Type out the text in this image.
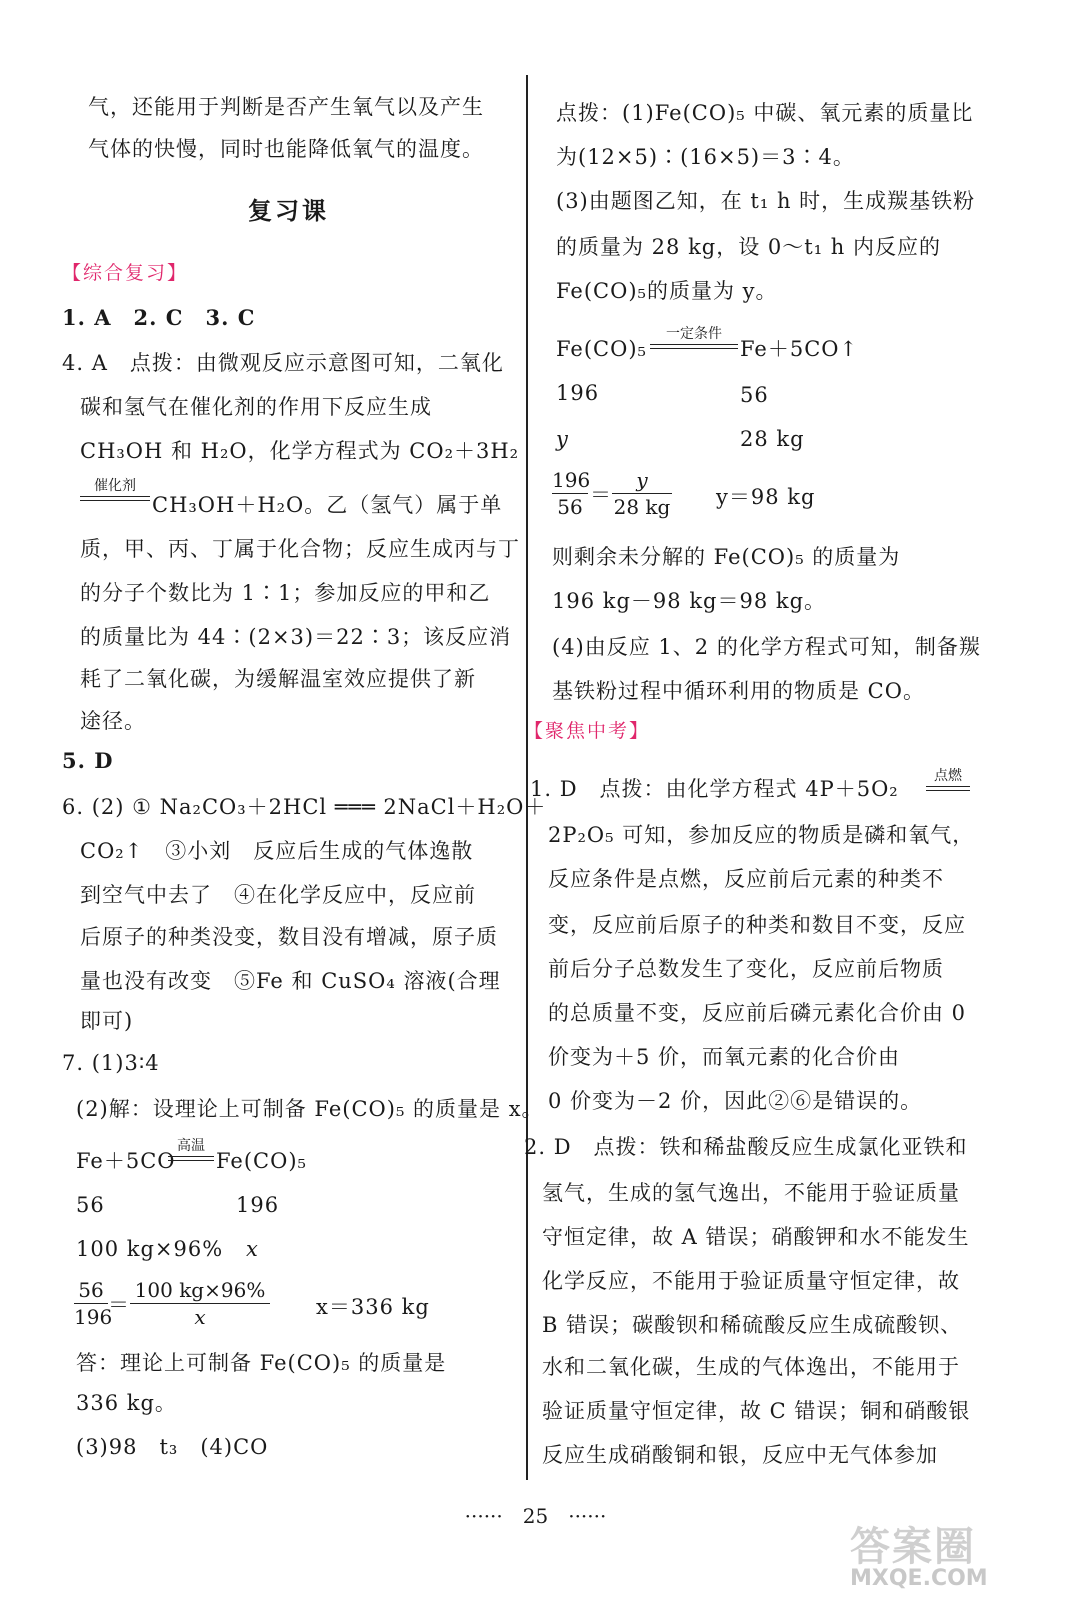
气，还能用于判断是否产生氧气以及产生
气体的快慢，同时也能降低氧气的温度。
复习课
【综合复习】
1. A　2. C　3. C
4. A　点拨：由微观反应示意图可知，二氧化
碳和氢气在催化剂的作用下反应生成
CH₃OH 和 H₂O，化学方程式为 CO₂＋3H₂
催化剂
CH₃OH＋H₂O。乙（氢气）属于单
质，甲、丙、丁属于化合物；反应生成丙与丁
的分子个数比为 1∶1；参加反应的甲和乙
的质量比为 44∶(2×3)＝22∶3；该反应消
耗了二氧化碳，为缓解温室效应提供了新
途径。
5. D
6. (2) ① Na₂CO₃＋2HCl ═══ 2NaCl＋H₂O＋
CO₂↑　③小刘　反应后生成的气体逸散
到空气中去了　④在化学反应中，反应前
后原子的种类没变，数目没有增减，原子质
量也没有改变　⑤Fe 和 CuSO₄ 溶液(合理
即可)
7. (1)3∶4
(2)解：设理论上可制备 Fe(CO)₅ 的质量是 x。
Fe＋5CO
高温
Fe(CO)₅
56	196
100 kg×96% x
56
196
＝
100 kg×96%
x	x＝336 kg
答：理论上可制备 Fe(CO)₅ 的质量是
336 kg。
(3)98　t₃　(4)CO
点拨：(1)Fe(CO)₅ 中碳、氧元素的质量比
为(12×5)∶(16×5)＝3∶4。
(3)由题图乙知，在 t₁ h 时，生成羰基铁粉
的质量为 28 kg，设 0～t₁ h 内反应的
Fe(CO)₅的质量为 y。
Fe(CO)₅
一定条件
Fe＋5CO↑
196	56
y	28 kg
196
56 ＝
y
28 kg y＝98 kg
则剩余未分解的 Fe(CO)₅ 的质量为
196 kg－98 kg＝98 kg。
(4)由反应 1、2 的化学方程式可知，制备羰
基铁粉过程中循环利用的物质是 CO。
【聚焦中考】
1. D　点拨：由化学方程式 4P＋5O₂
点燃
2P₂O₅ 可知，参加反应的物质是磷和氧气，
反应条件是点燃，反应前后元素的种类不
变，反应前后原子的种类和数目不变，反应
前后分子总数发生了变化，反应前后物质
的总质量不变，反应前后磷元素化合价由 0
价变为＋5 价，而氧元素的化合价由
0 价变为－2 价，因此②⑥是错误的。
2. D　点拨：铁和稀盐酸反应生成氯化亚铁和
氢气，生成的氢气逸出，不能用于验证质量
守恒定律，故 A 错误；硝酸钾和水不能发生
化学反应，不能用于验证质量守恒定律，故
B 错误；碳酸钡和稀硫酸反应生成硫酸钡、
水和二氧化碳，生成的气体逸出，不能用于
验证质量守恒定律，故 C 错误；铜和硝酸银
反应生成硝酸铜和银，反应中无气体参加
······　25　······
答案圈
MXQE.COM
